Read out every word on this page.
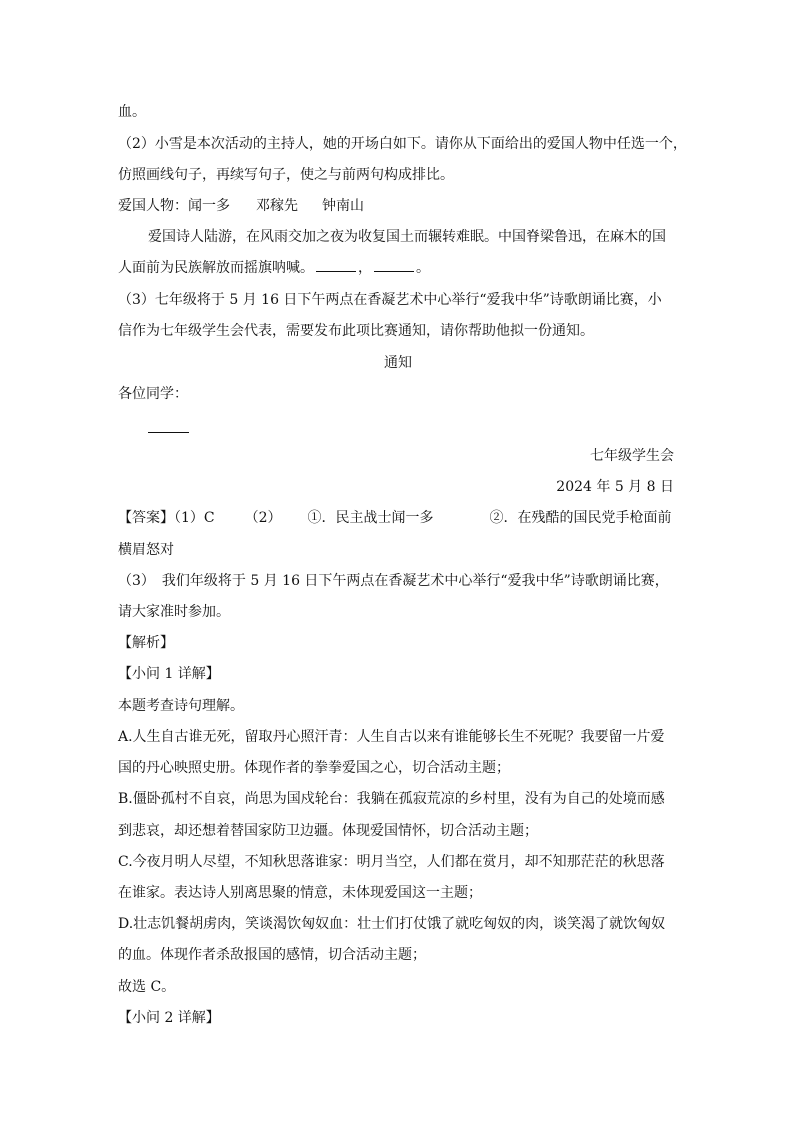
血。
（2）小雪是本次活动的主持人，她的开场白如下。请你从下面给出的爱国人物中任选一个，
仿照画线句子，再续写句子，使之与前两句构成排比。
爱国人物：闻一多 邓稼先 钟南山
爱国诗人陆游，在风雨交加之夜为收复国土而辗转难眠。中国脊梁鲁迅，在麻木的国
人面前为民族解放而摇旗呐喊。	，	。
（3）七年级将于 5 月 16 日下午两点在香凝艺术中心举行“爱我中华”诗歌朗诵比赛，小
信作为七年级学生会代表，需要发布此项比赛通知，请你帮助他拟一份通知。
通知
各位同学：
七年级学生会
2024 年 5 月 8 日
【答案】（1）C （2） ①．民主战士闻一多	②．在残酷的国民党手枪面前
横眉怒对
（3）　我们年级将于 5 月 16 日下午两点在香凝艺术中心举行“爱我中华”诗歌朗诵比赛，
请大家准时参加。
【解析】
【小问 1 详解】
本题考查诗句理解。
A.人生自古谁无死，留取丹心照汗青：人生自古以来有谁能够长生不死呢？我要留一片爱
国的丹心映照史册。体现作者的拳拳爱国之心，切合活动主题；
B.僵卧孤村不自哀，尚思为国戍轮台：我躺在孤寂荒凉的乡村里，没有为自己的处境而感
到悲哀，却还想着替国家防卫边疆。体现爱国情怀，切合活动主题；
C.今夜月明人尽望，不知秋思落谁家：明月当空，人们都在赏月，却不知那茫茫的秋思落
在谁家。表达诗人别离思聚的情意，未体现爱国这一主题；
D.壮志饥餐胡虏肉，笑谈渴饮匈奴血：壮士们打仗饿了就吃匈奴的肉，谈笑渴了就饮匈奴
的血。体现作者杀敌报国的感情，切合活动主题；
故选 C。
【小问 2 详解】
